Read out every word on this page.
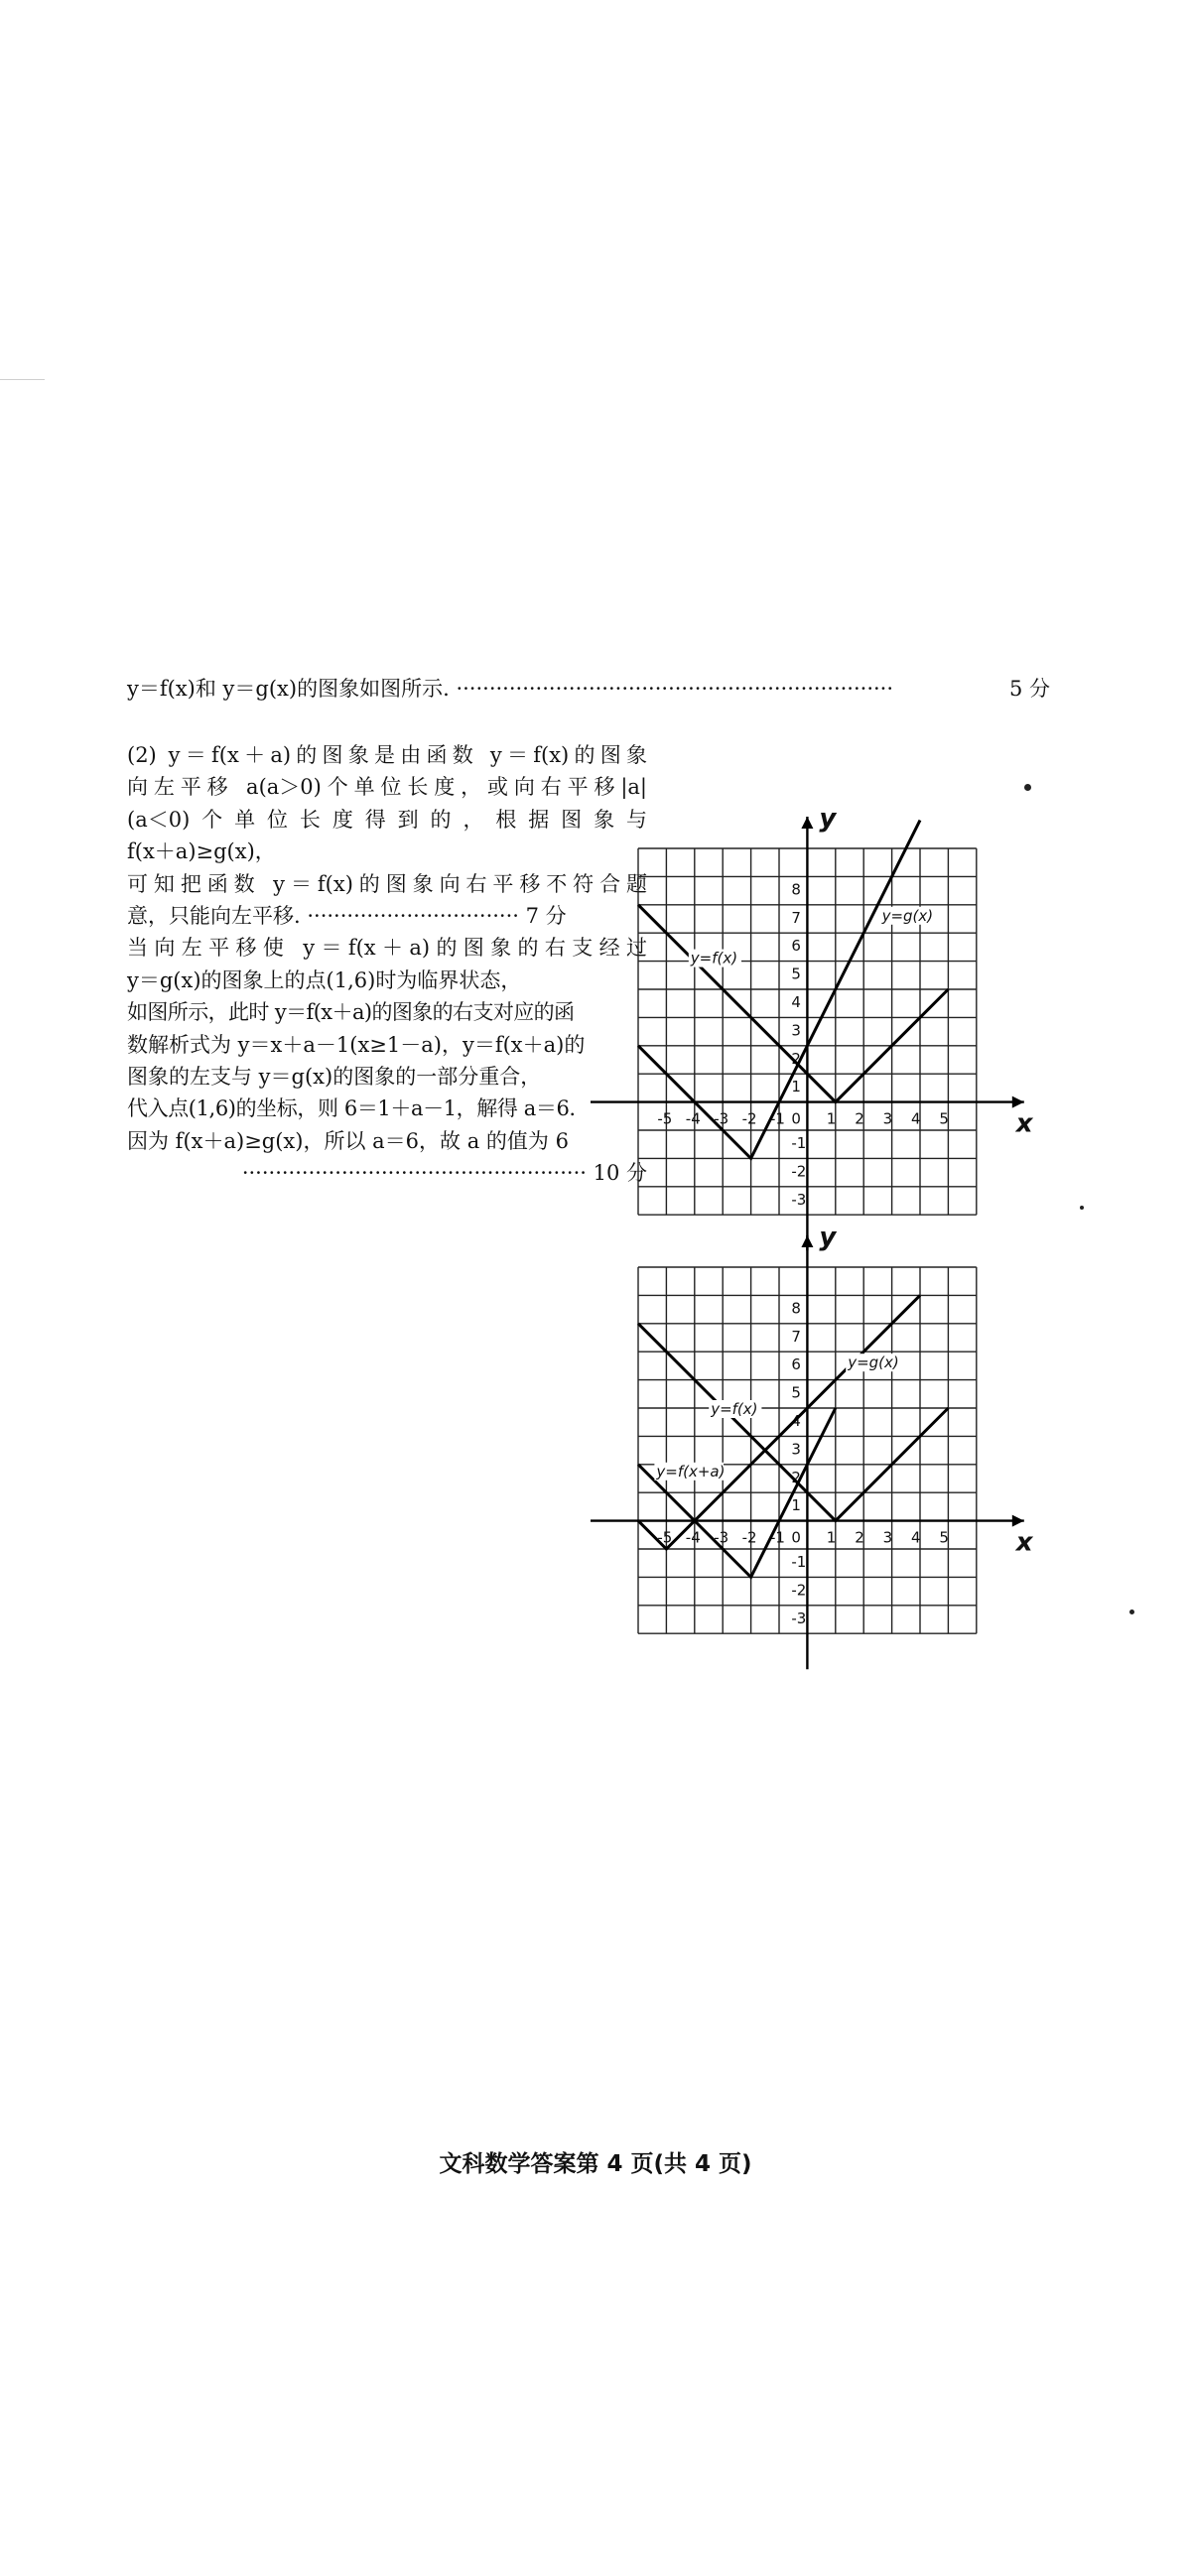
y＝f(x)和 y＝g(x)的图象如图所示. ··································································	5 分
(2) y＝f(x＋a)的图象是由函数 y＝f(x)的图象
向左平移 a(a＞0)个单位长度，或向右平移|a|
(a＜0)个单位长度得到的，根据图象与
f(x＋a)≥g(x)，
可知把函数 y＝f(x)的图象向右平移不符合题
意，只能向左平移. ································ 7 分
当向左平移使 y＝f(x＋a)的图象的右支经过
y＝g(x)的图象上的点(1,6)时为临界状态，
如图所示，此时 y＝f(x＋a)的图象的右支对应的函
数解析式为 y＝x＋a－1(x≥1－a)，y＝f(x＋a)的
图象的左支与 y＝g(x)的图象的一部分重合，
代入点(1,6)的坐标，则 6＝1＋a－1，解得 a＝6.
因为 f(x＋a)≥g(x)，所以 a＝6，故 a 的值为 6
···················································· 10 分
x
y
-5 -4 -3 -2 -1	1 2 3 4 5
8
7
6
5
4
3
2
1
-1
-2
-3
0
y=g(x)
y=f(x)
x
y
-5 -4 -3 -2 -1	1 2 3 4 5
8
7
6
5
4
3
2
1
-1
-2
-3
0
y=g(x)
y=f(x)
y=f(x+a)
文科数学答案第 4 页(共 4 页)
